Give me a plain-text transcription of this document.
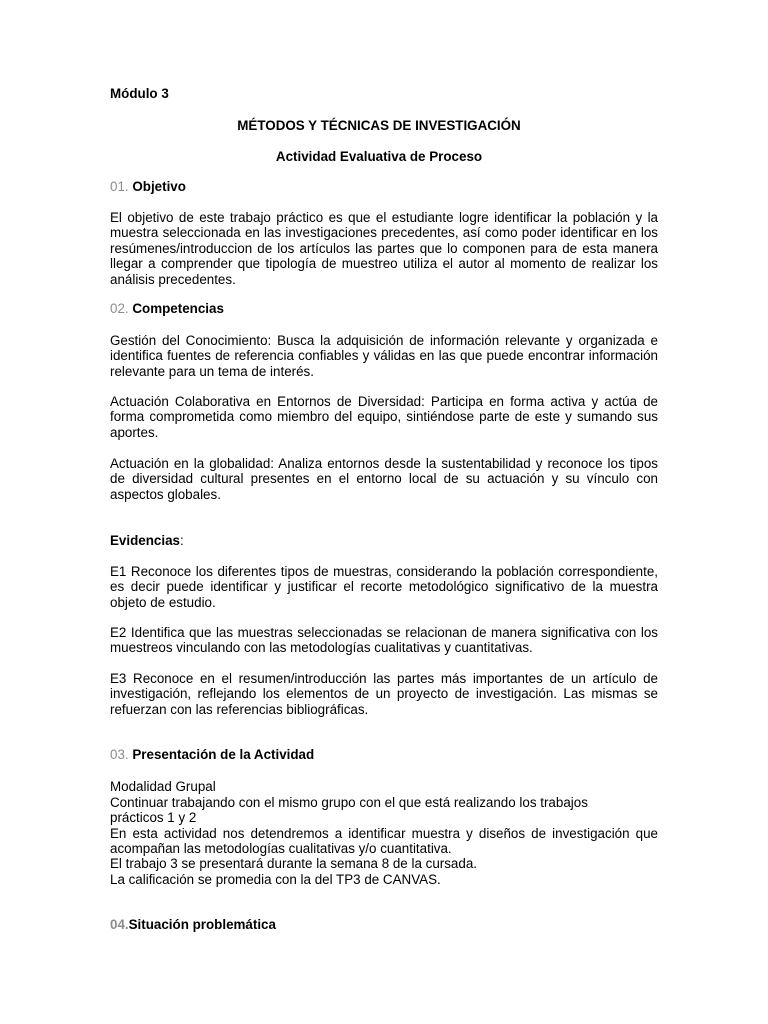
Módulo 3

MÉTODOS Y TÉCNICAS DE INVESTIGACIÓN

Actividad Evaluativa de Proceso

01. Objetivo

El objetivo de este trabajo práctico es que el estudiante logre identificar la población y la muestra seleccionada en las investigaciones precedentes, así como poder identificar en los resúmenes/introduccion de los artículos las partes que lo componen para de esta manera llegar a comprender que tipología de muestreo utiliza el autor al momento de realizar los análisis precedentes.

02. Competencias

Gestión del Conocimiento: Busca la adquisición de información relevante y organizada e identifica fuentes de referencia confiables y válidas en las que puede encontrar información relevante para un tema de interés.

Actuación Colaborativa en Entornos de Diversidad: Participa en forma activa y actúa de forma comprometida como miembro del equipo, sintiéndose parte de este y sumando sus aportes.

Actuación en la globalidad: Analiza entornos desde la sustentabilidad y reconoce los tipos de diversidad cultural presentes en el entorno local de su actuación y su vínculo con aspectos globales.

Evidencias:

E1 Reconoce los diferentes tipos de muestras, considerando la población correspondiente, es decir puede identificar y justificar el recorte metodológico significativo de la muestra objeto de estudio.

E2 Identifica que las muestras seleccionadas se relacionan de manera significativa con los muestreos vinculando con las metodologías cualitativas y cuantitativas.

E3 Reconoce en el resumen/introducción las partes más importantes de un artículo de investigación, reflejando los elementos de un proyecto de investigación. Las mismas se refuerzan con las referencias bibliográficas.

03. Presentación de la Actividad

Modalidad Grupal

Continuar trabajando con el mismo grupo con el que está realizando los trabajos prácticos 1 y 2

En esta actividad nos detendremos a identificar muestra y diseños de investigación que acompañan las metodologías cualitativas y/o cuantitativa.

El trabajo 3 se presentará durante la semana 8 de la cursada.

La calificación se promedia con la del TP3 de CANVAS.

04.Situación problemática
